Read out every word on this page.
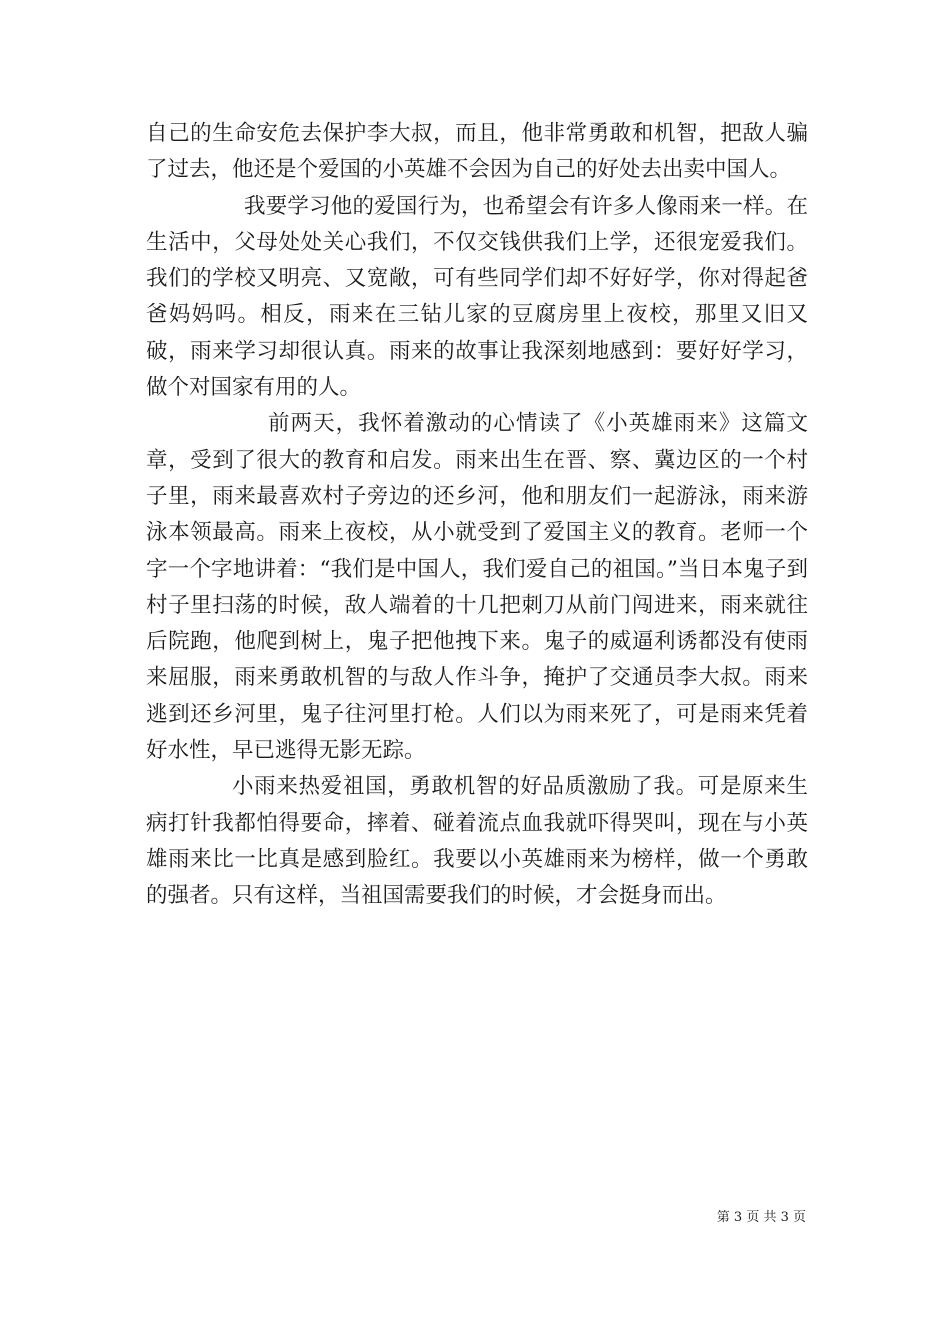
自己的生命安危去保护李大叔，而且，他非常勇敢和机智，把敌人骗了过去，他还是个爱国的小英雄不会因为自己的好处去出卖中国人。

我要学习他的爱国行为，也希望会有许多人像雨来一样。在生活中，父母处处关心我们，不仅交钱供我们上学，还很宠爱我们。我们的学校又明亮、又宽敞，可有些同学们却不好好学，你对得起爸爸妈妈吗。相反，雨来在三钻儿家的豆腐房里上夜校，那里又旧又破，雨来学习却很认真。雨来的故事让我深刻地感到：要好好学习，做个对国家有用的人。

前两天，我怀着激动的心情读了《小英雄雨来》这篇文章，受到了很大的教育和启发。雨来出生在晋、察、冀边区的一个村子里，雨来最喜欢村子旁边的还乡河，他和朋友们一起游泳，雨来游泳本领最高。雨来上夜校，从小就受到了爱国主义的教育。老师一个字一个字地讲着：“我们是中国人，我们爱自己的祖国。”当日本鬼子到村子里扫荡的时候，敌人端着的十几把刺刀从前门闯进来，雨来就往后院跑，他爬到树上，鬼子把他拽下来。鬼子的威逼利诱都没有使雨来屈服，雨来勇敢机智的与敌人作斗争，掩护了交通员李大叔。雨来逃到还乡河里，鬼子往河里打枪。人们以为雨来死了，可是雨来凭着好水性，早已逃得无影无踪。

小雨来热爱祖国，勇敢机智的好品质激励了我。可是原来生病打针我都怕得要命，摔着、碰着流点血我就吓得哭叫，现在与小英雄雨来比一比真是感到脸红。我要以小英雄雨来为榜样，做一个勇敢的强者。只有这样，当祖国需要我们的时候，才会挺身而出。

第 3 页 共 3 页
